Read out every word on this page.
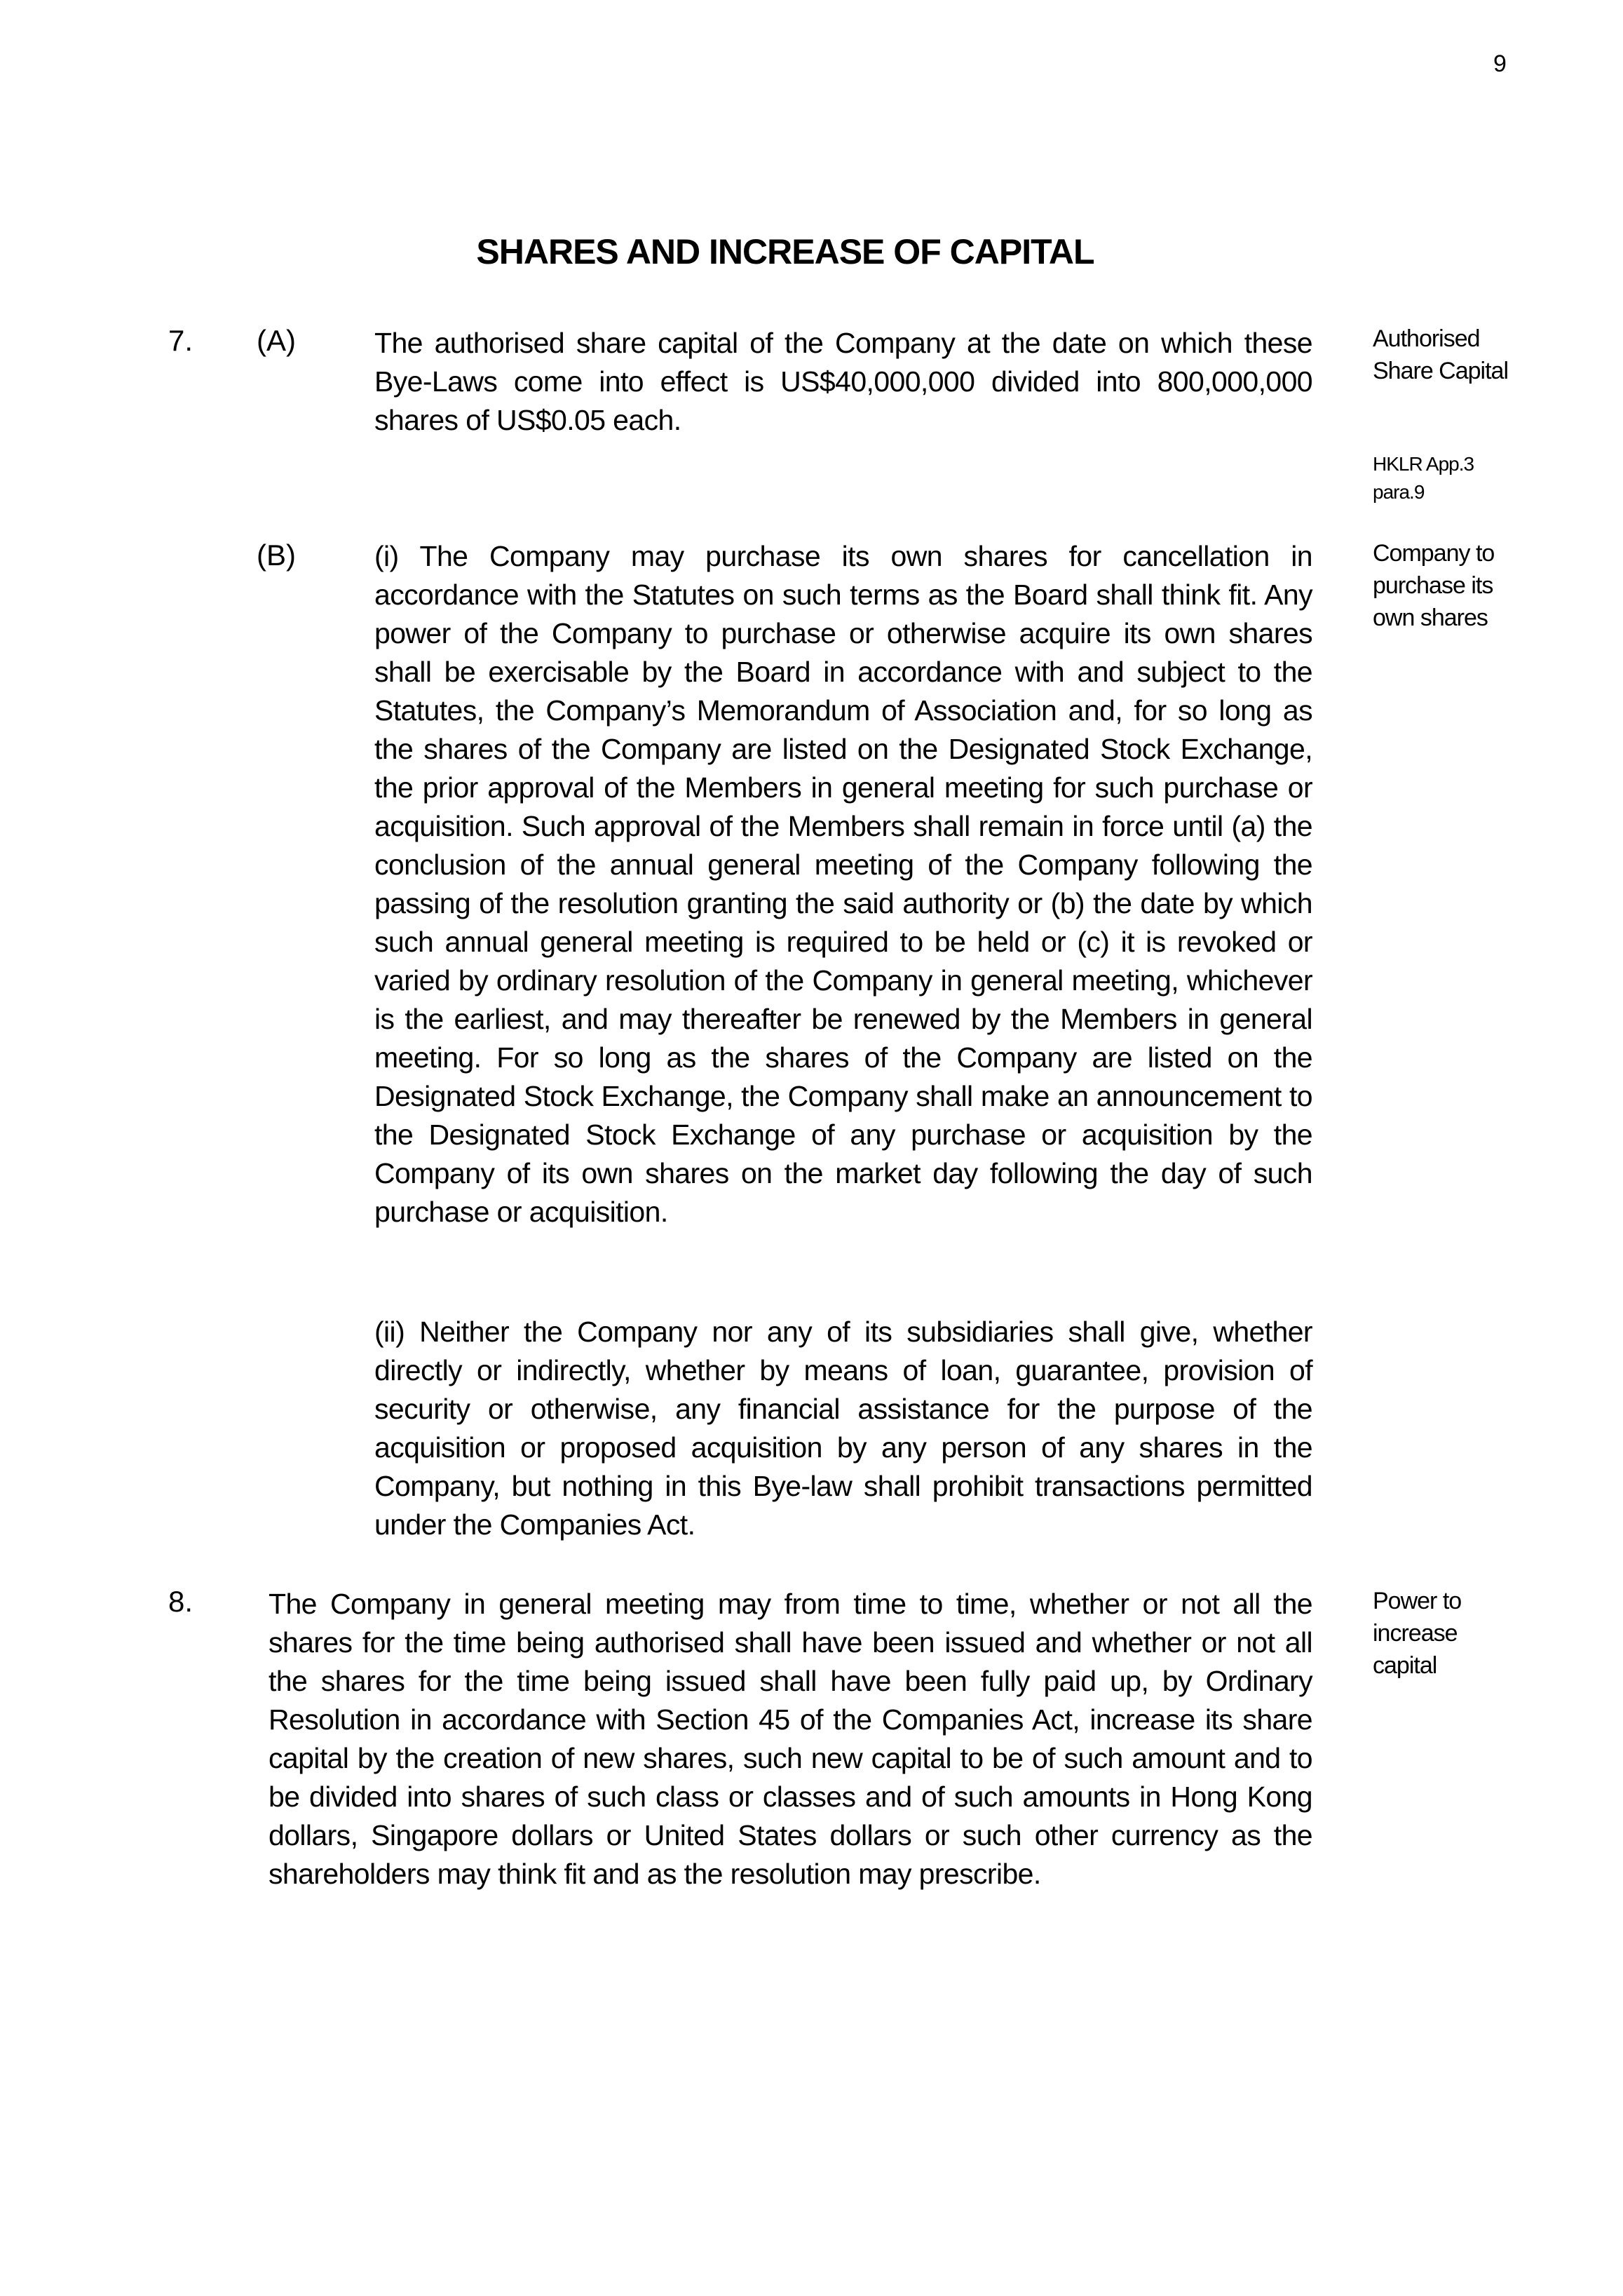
9
SHARES AND INCREASE OF CAPITAL
7. (A)	The authorised share capital of the Company at the date on which these Bye-Laws come into effect is US$40,000,000 divided into 800,000,000 shares of US$0.05 each.
Authorised Share Capital
HKLR App.3 para.9
(B)	(i) The Company may purchase its own shares for cancellation in accordance with the Statutes on such terms as the Board shall think fit. Any power of the Company to purchase or otherwise acquire its own shares shall be exercisable by the Board in accordance with and subject to the Statutes, the Company’s Memorandum of Association and, for so long as the shares of the Company are listed on the Designated Stock Exchange, the prior approval of the Members in general meeting for such purchase or acquisition. Such approval of the Members shall remain in force until (a) the conclusion of the annual general meeting of the Company following the passing of the resolution granting the said authority or (b) the date by which such annual general meeting is required to be held or (c) it is revoked or varied by ordinary resolution of the Company in general meeting, whichever is the earliest, and may thereafter be renewed by the Members in general meeting. For so long as the shares of the Company are listed on the Designated Stock Exchange, the Company shall make an announcement to the Designated Stock Exchange of any purchase or acquisition by the Company of its own shares on the market day following the day of such purchase or acquisition.
Company to purchase its own shares
(ii) Neither the Company nor any of its subsidiaries shall give, whether directly or indirectly, whether by means of loan, guarantee, provision of security or otherwise, any financial assistance for the purpose of the acquisition or proposed acquisition by any person of any shares in the Company, but nothing in this Bye-law shall prohibit transactions permitted under the Companies Act.
8.	The Company in general meeting may from time to time, whether or not all the shares for the time being authorised shall have been issued and whether or not all the shares for the time being issued shall have been fully paid up, by Ordinary Resolution in accordance with Section 45 of the Companies Act, increase its share capital by the creation of new shares, such new capital to be of such amount and to be divided into shares of such class or classes and of such amounts in Hong Kong dollars, Singapore dollars or United States dollars or such other currency as the shareholders may think fit and as the resolution may prescribe.
Power to increase capital
